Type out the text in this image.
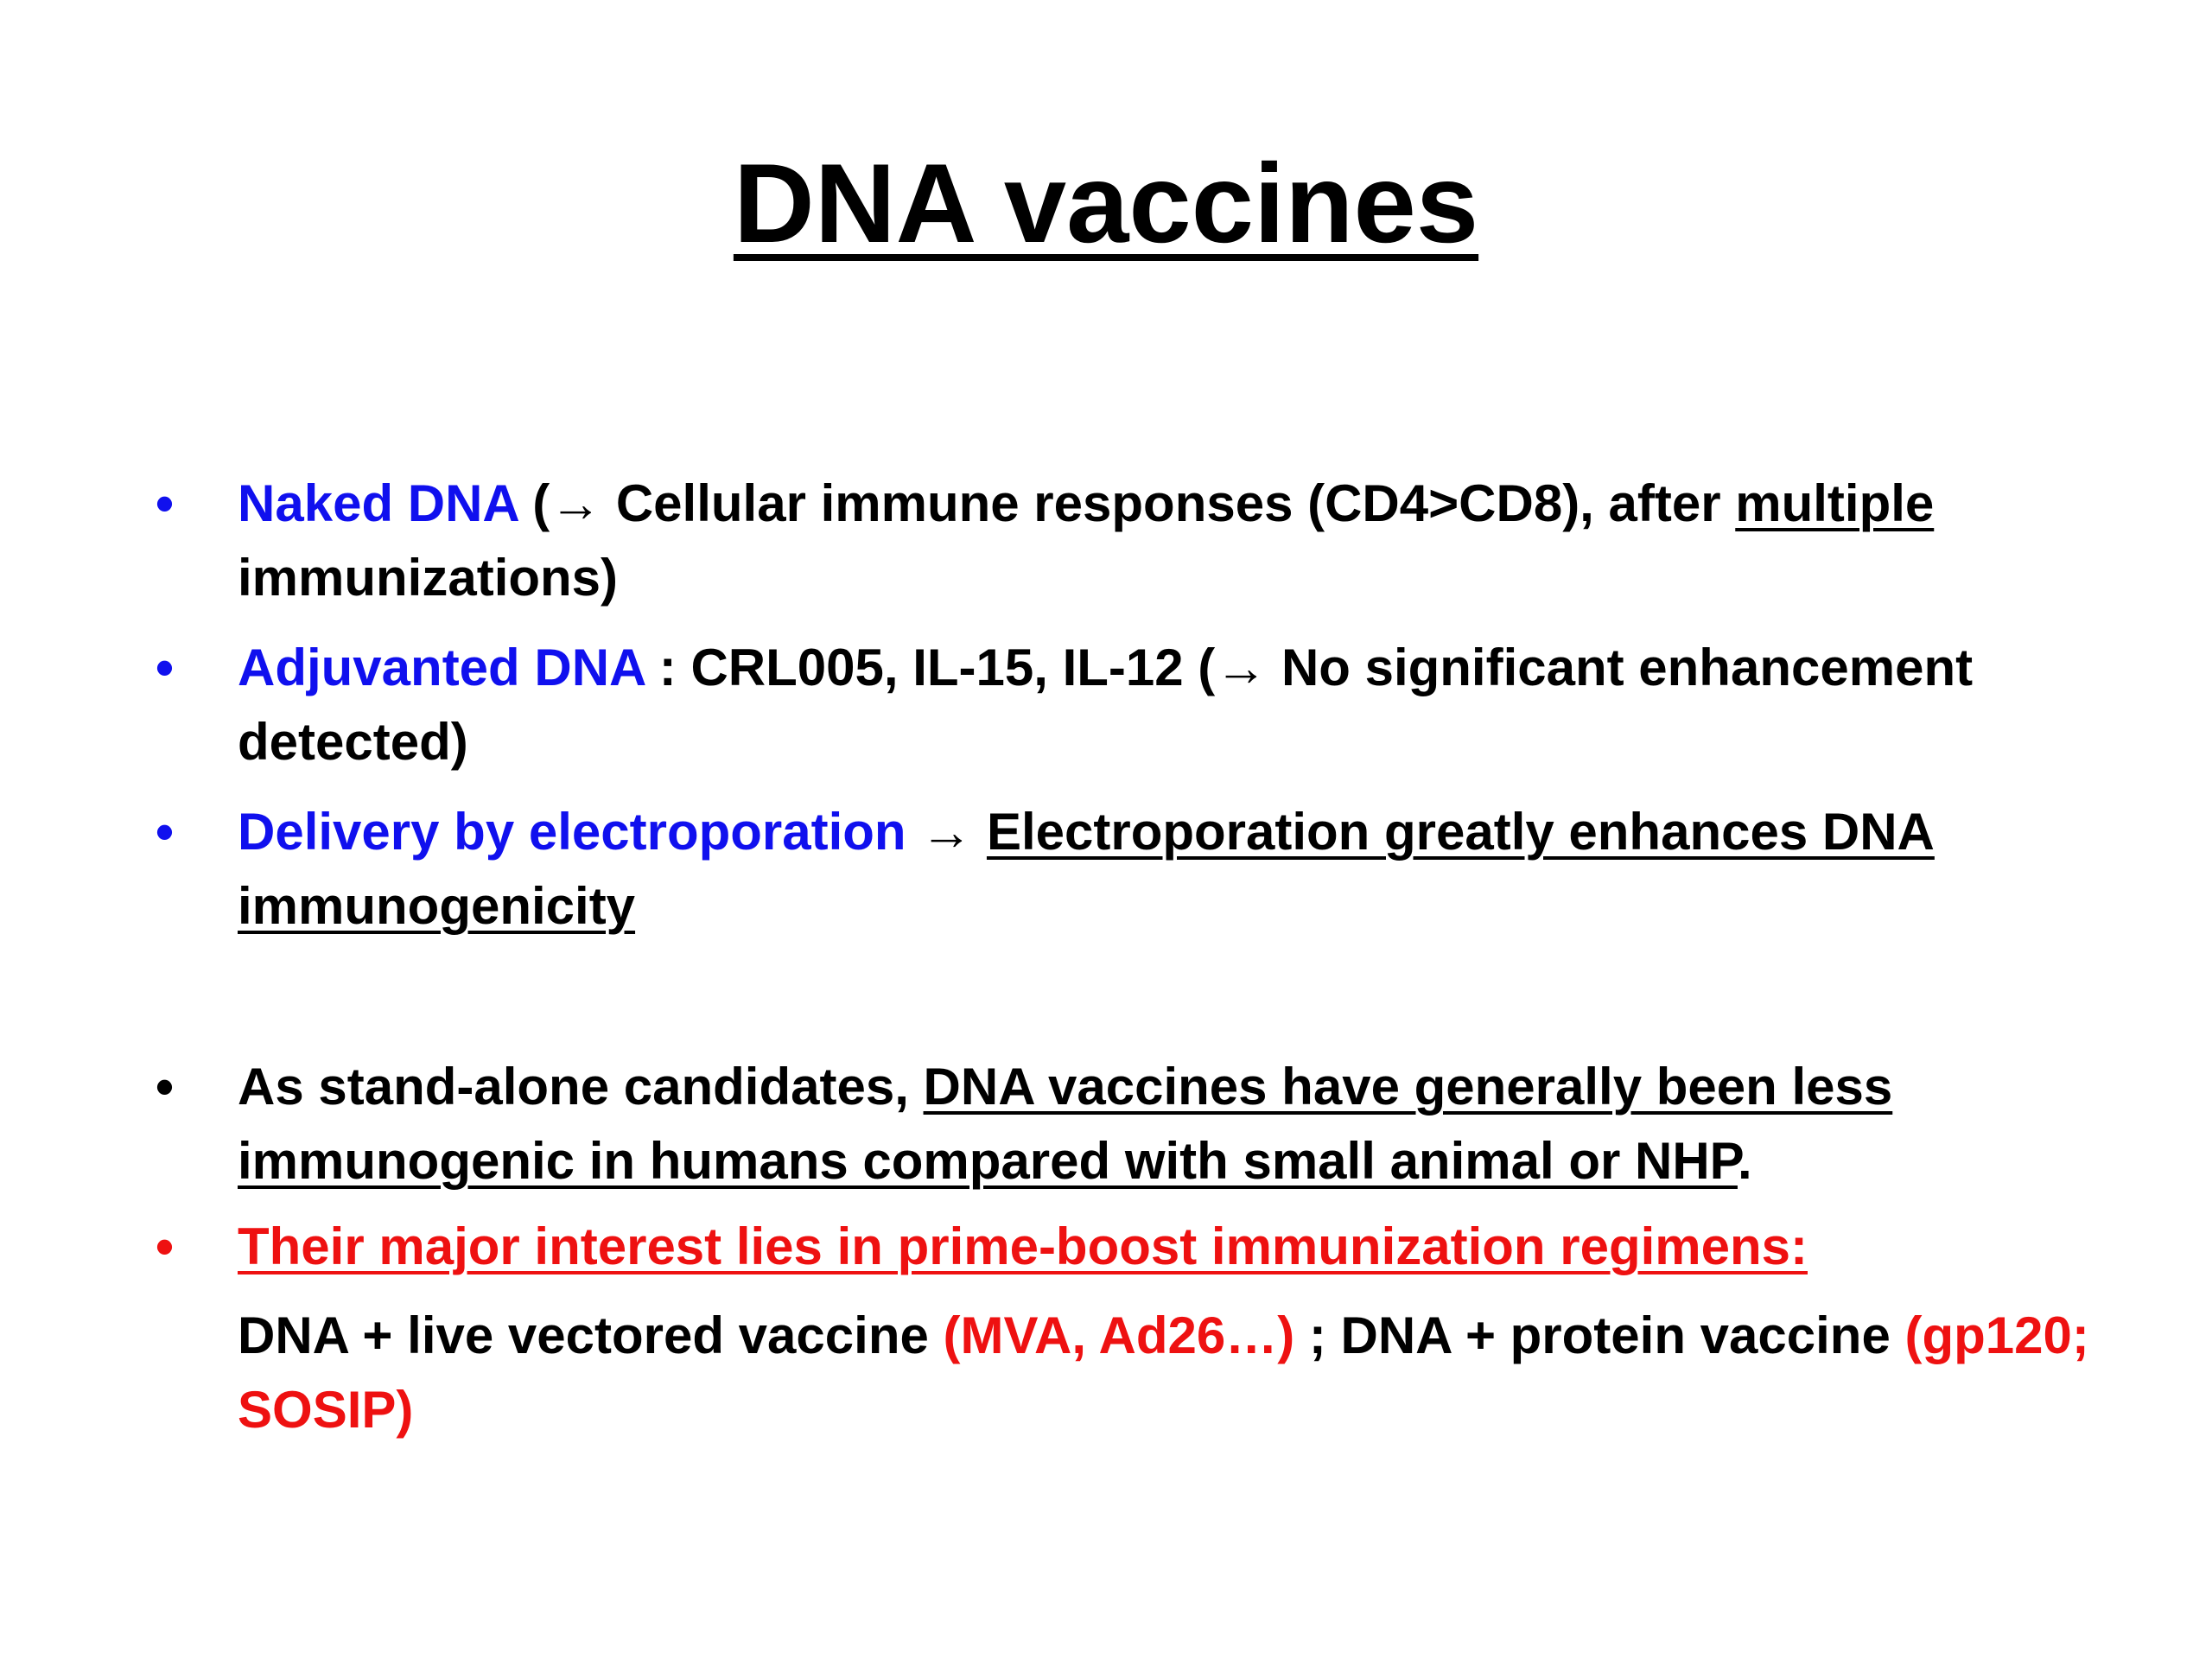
DNA vaccines
• Naked DNA (→ Cellular immune responses (CD4>CD8), after multiple immunizations)
• Adjuvanted DNA : CRL005, IL-15, IL-12 (→ No significant enhancement detected)
• Delivery by electroporation → Electroporation greatly enhances DNA immunogenicity
• As stand-alone candidates, DNA vaccines have generally been less immunogenic in humans compared with small animal or NHP.
• Their major interest lies in prime-boost immunization regimens:
DNA + live vectored vaccine (MVA, Ad26…) ; DNA + protein vaccine (gp120; SOSIP)
